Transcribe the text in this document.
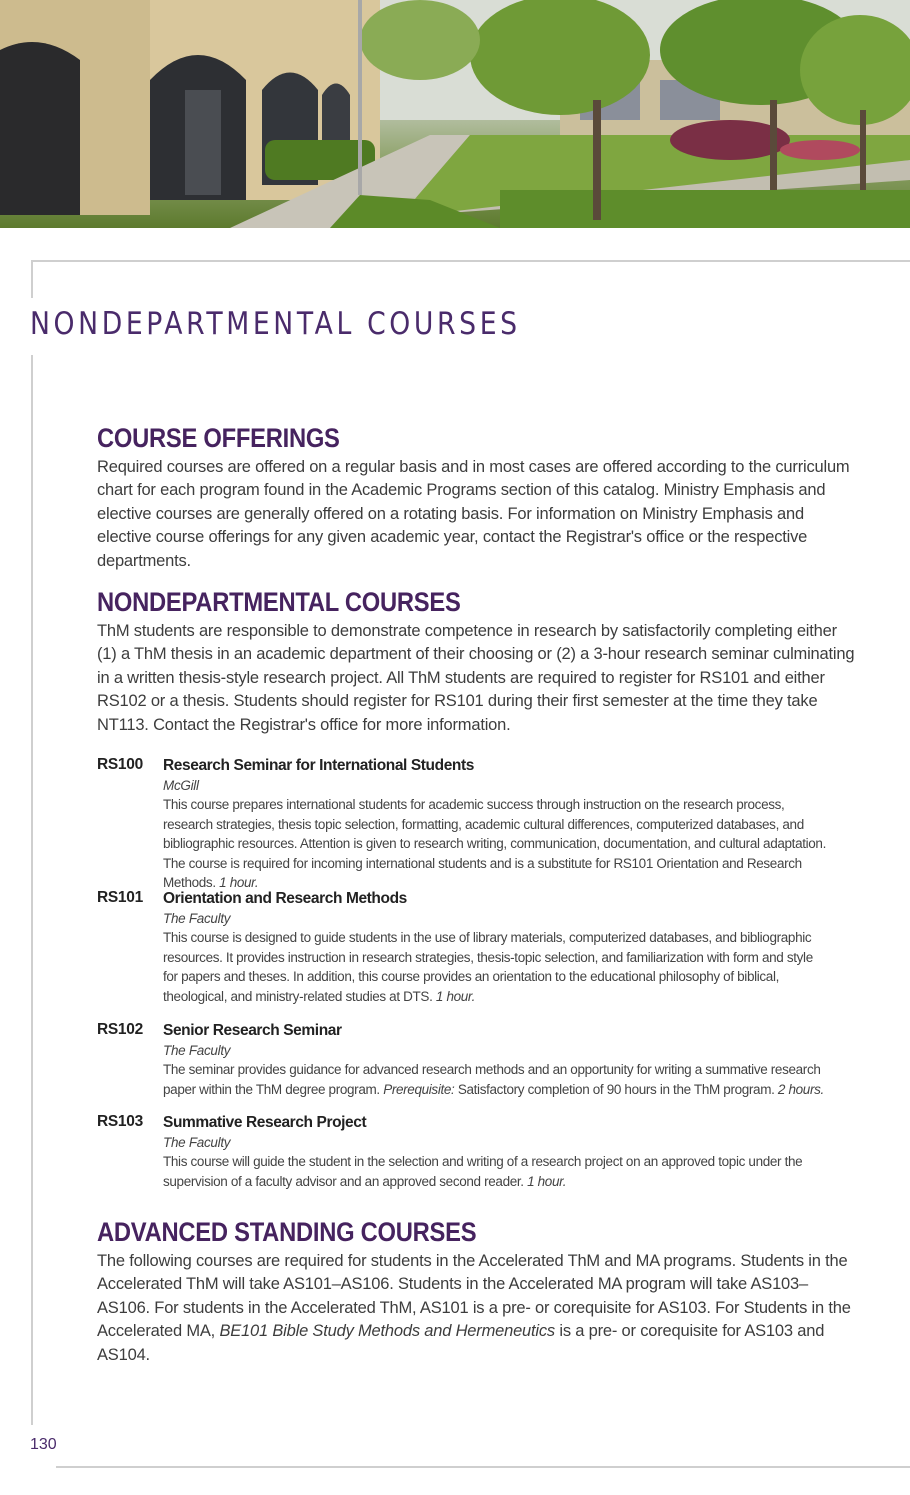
NONDEPARTMENTAL COURSES
COURSE OFFERINGS

Required courses are offered on a regular basis and in most cases are offered according to the curriculum chart for each program found in the Academic Programs section of this catalog. Ministry Emphasis and elective courses are generally offered on a rotating basis. For information on Ministry Emphasis and elective course offerings for any given academic year, contact the Registrar's office or the respective departments.

NONDEPARTMENTAL COURSES

ThM students are responsible to demonstrate competence in research by satisfactorily completing either (1) a ThM thesis in an academic department of their choosing or (2) a 3-hour research seminar culminating in a written thesis-style research project. All ThM students are required to register for RS101 and either RS102 or a thesis. Students should register for RS101 during their first semester at the time they take NT113. Contact the Registrar's office for more information.

RS100 Research Seminar for International Students
McGill

This course prepares international students for academic success through instruction on the research process, research strategies, thesis topic selection, formatting, academic cultural differences, computerized databases, and bibliographic resources. Attention is given to research writing, communication, documentation, and cultural adaptation. The course is required for incoming international students and is a substitute for RS101 Orientation and Research Methods. 1 hour.

RS101 Orientation and Research Methods
The Faculty

This course is designed to guide students in the use of library materials, computerized databases, and bibliographic resources. It provides instruction in research strategies, thesis-topic selection, and familiarization with form and style for papers and theses. In addition, this course provides an orientation to the educational philosophy of biblical, theological, and ministry-related studies at DTS. 1 hour.

RS102 Senior Research Seminar
The Faculty

The seminar provides guidance for advanced research methods and an opportunity for writing a summative research paper within the ThM degree program. Prerequisite: Satisfactory completion of 90 hours in the ThM program. 2 hours.

RS103 Summative Research Project
The Faculty

This course will guide the student in the selection and writing of a research project on an approved topic under the supervision of a faculty advisor and an approved second reader. 1 hour.

ADVANCED STANDING COURSES

The following courses are required for students in the Accelerated ThM and MA programs. Students in the Accelerated ThM will take AS101–AS106. Students in the Accelerated MA program will take AS103–AS106. For students in the Accelerated ThM, AS101 is a pre- or corequisite for AS103. For Students in the Accelerated MA, BE101 Bible Study Methods and Hermeneutics is a pre- or corequisite for AS103 and AS104.

130
